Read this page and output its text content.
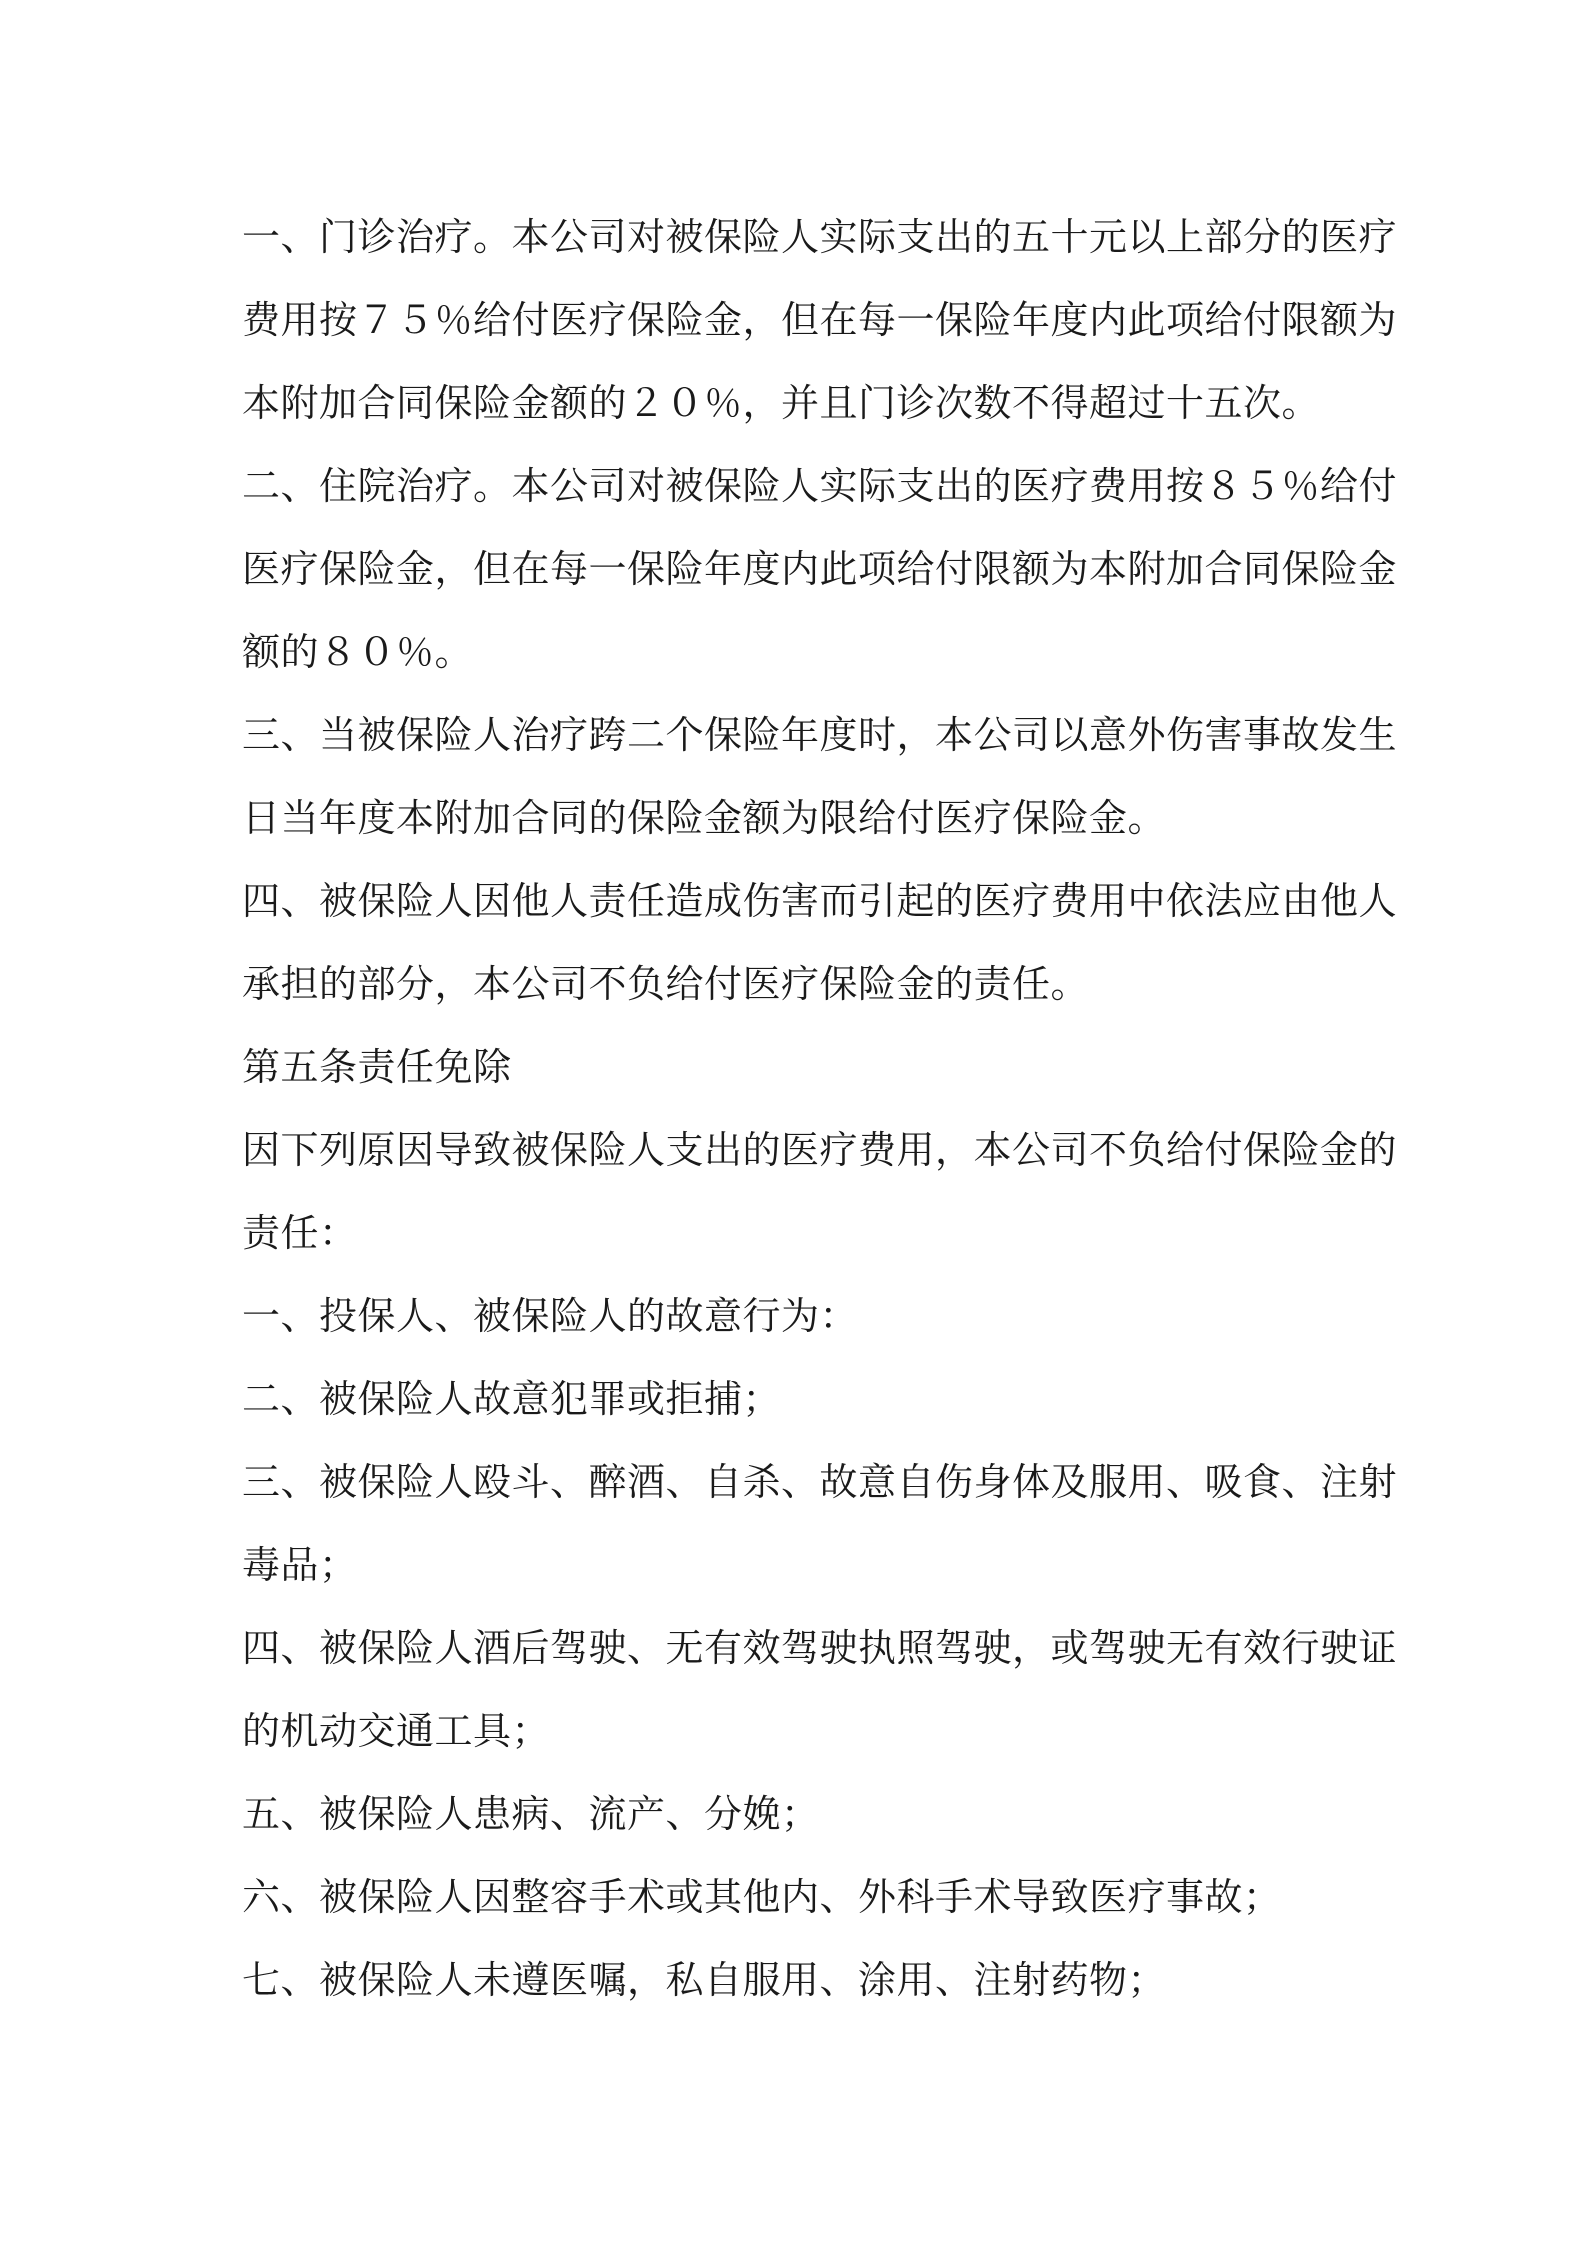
一、门诊治疗。本公司对被保险人实际支出的五十元以上部分的医疗
费用按７５％给付医疗保险金，但在每一保险年度内此项给付限额为
本附加合同保险金额的２０％，并且门诊次数不得超过十五次。

二、住院治疗。本公司对被保险人实际支出的医疗费用按８５％给付
医疗保险金，但在每一保险年度内此项给付限额为本附加合同保险金
额的８０％。

三、当被保险人治疗跨二个保险年度时，本公司以意外伤害事故发生
日当年度本附加合同的保险金额为限给付医疗保险金。

四、被保险人因他人责任造成伤害而引起的医疗费用中依法应由他人
承担的部分，本公司不负给付医疗保险金的责任。

第五条责任免除

因下列原因导致被保险人支出的医疗费用，本公司不负给付保险金的
责任：

一、投保人、被保险人的故意行为：

二、被保险人故意犯罪或拒捕；

三、被保险人殴斗、醉酒、自杀、故意自伤身体及服用、吸食、注射
毒品；

四、被保险人酒后驾驶、无有效驾驶执照驾驶，或驾驶无有效行驶证
的机动交通工具；

五、被保险人患病、流产、分娩；

六、被保险人因整容手术或其他内、外科手术导致医疗事故；

七、被保险人未遵医嘱，私自服用、涂用、注射药物；
